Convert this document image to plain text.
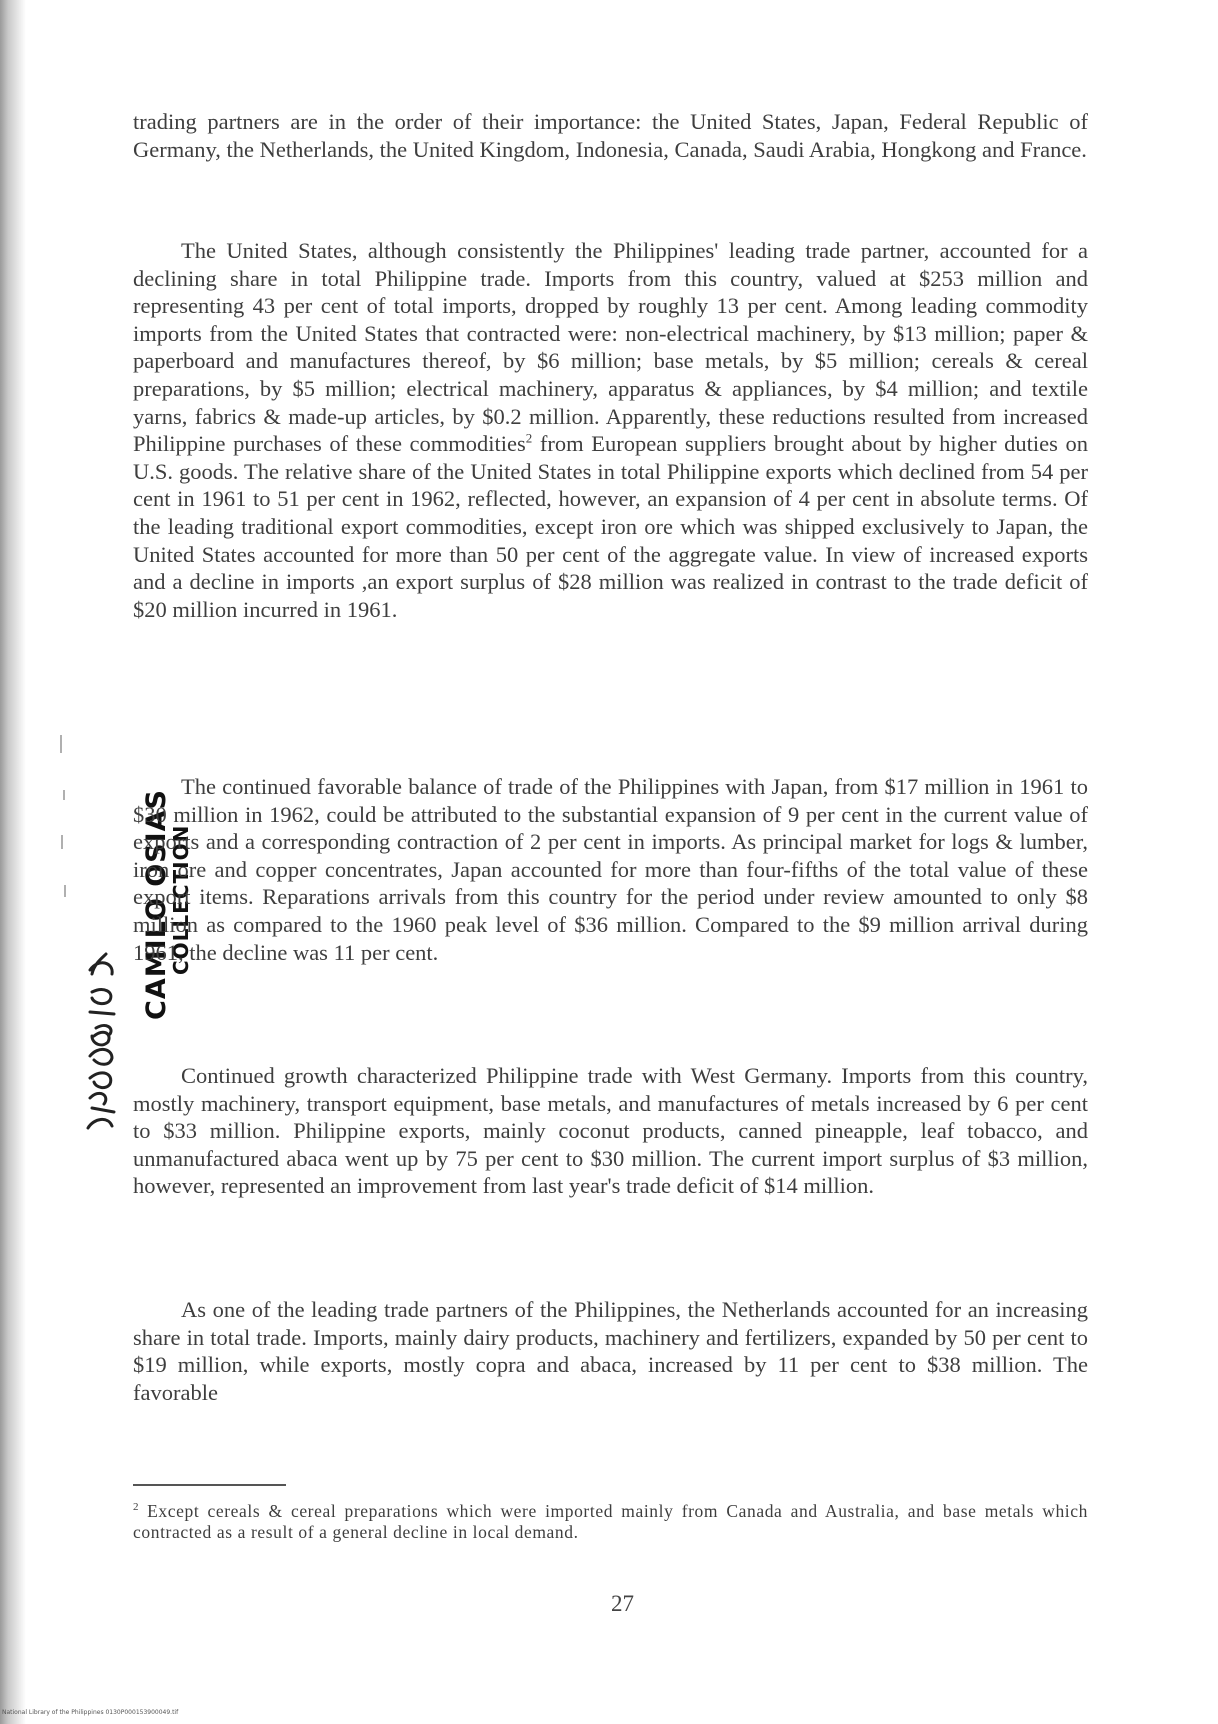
CAMILO OSIAS
COLLECTION

trading partners are in the order of their importance: the United States, Japan, Federal Republic of Germany, the Netherlands, the United Kingdom, Indonesia, Canada, Saudi Arabia, Hongkong and France.

The United States, although consistently the Philippines' leading trade partner, accounted for a declining share in total Philippine trade. Imports from this country, valued at $253 million and representing 43 per cent of total imports, dropped by roughly 13 per cent. Among leading commodity imports from the United States that contracted were: non-electrical machinery, by $13 million; paper & paperboard and manufactures thereof, by $6 million; base metals, by $5 million; cereals & cereal preparations, by $5 million; electrical machinery, apparatus & appliances, by $4 million; and textile yarns, fabrics & made-up articles, by $0.2 million. Apparently, these reductions resulted from increased Philippine purchases of these commodities$^2$ from European suppliers brought about by higher duties on U.S. goods. The relative share of the United States in total Philippine exports which declined from 54 per cent in 1961 to 51 per cent in 1962, reflected, however, an expansion of 4 per cent in absolute terms. Of the leading traditional export commodities, except iron ore which was shipped exclusively to Japan, the United States accounted for more than 50 per cent of the aggregate value. In view of increased exports and a decline in imports ,an export surplus of $28 million was realized in contrast to the trade deficit of $20 million incurred in 1961.

The continued favorable balance of trade of the Philippines with Japan, from $17 million in 1961 to $30 million in 1962, could be attributed to the substantial expansion of 9 per cent in the current value of exports and a corresponding contraction of 2 per cent in imports. As principal market for logs & lumber, iron ore and copper concentrates, Japan accounted for more than four-fifths of the total value of these export items. Reparations arrivals from this country for the period under review amounted to only $8 million as compared to the 1960 peak level of $36 million. Compared to the $9 million arrival during 1961, the decline was 11 per cent.

Continued growth characterized Philippine trade with West Germany. Imports from this country, mostly machinery, transport equipment, base metals, and manufactures of metals increased by 6 per cent to $33 million. Philippine exports, mainly coconut products, canned pineapple, leaf tobacco, and unmanufactured abaca went up by 75 per cent to $30 million. The current import surplus of $3 million, however, represented an improvement from last year's trade deficit of $14 million.

As one of the leading trade partners of the Philippines, the Netherlands accounted for an increasing share in total trade. Imports, mainly dairy products, machinery and fertilizers, expanded by 50 per cent to $19 million, while exports, mostly copra and abaca, increased by 11 per cent to $38 million. The favorable

$^2$ Except cereals & cereal preparations which were imported mainly from Canada and Australia, and base metals which contracted as a result of a general decline in local demand.
27
National Library of the Philippines 0130P000153900049.tif
